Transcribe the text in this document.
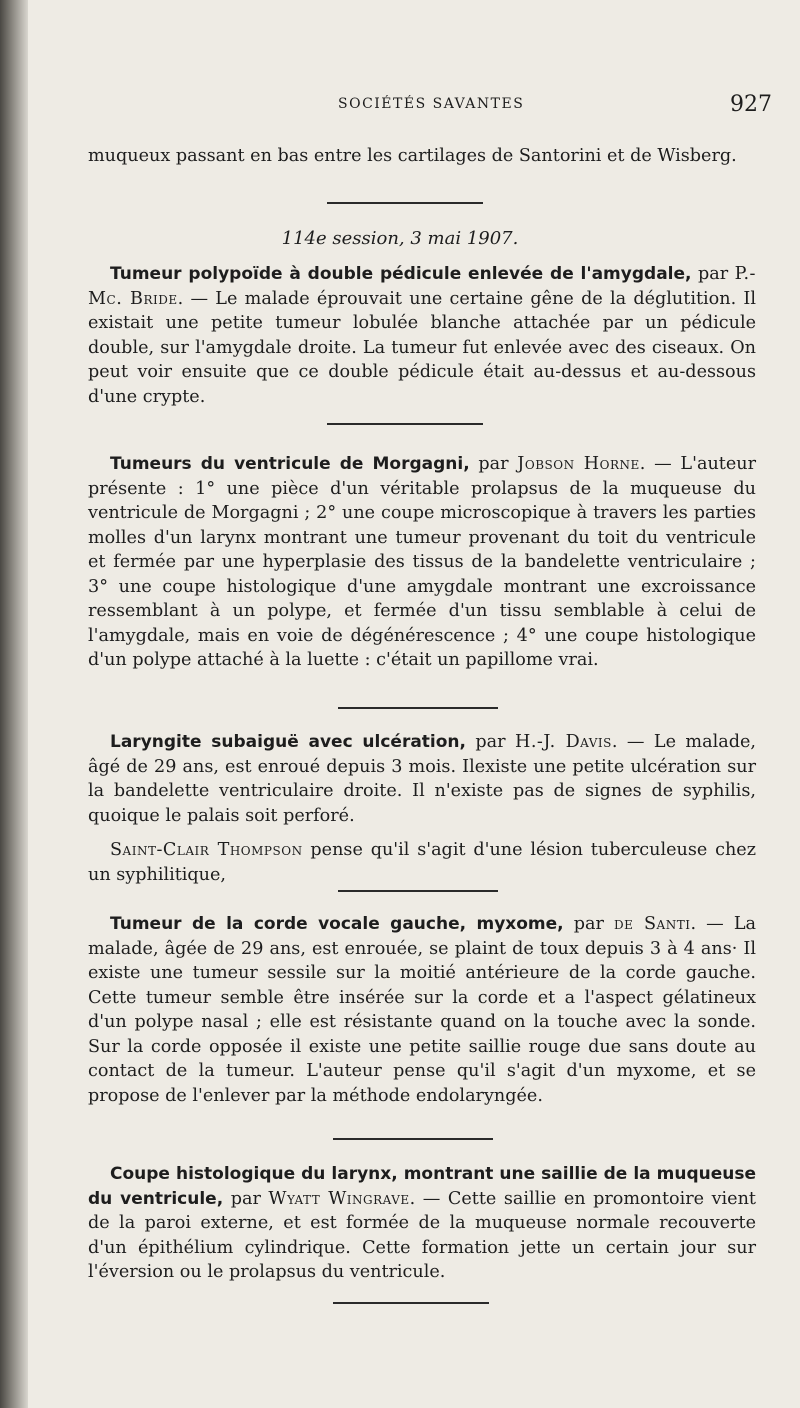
SOCIÉTÉS SAVANTES	927

muqueux passant en bas entre les cartilages de Santorini et de Wisberg.

114e session, 3 mai 1907.

Tumeur polypoïde à double pédicule enlevée de l'amygdale, par P.-Mc. Bride. — Le malade éprouvait une certaine gêne de la déglutition. Il existait une petite tumeur lobulée blanche attachée par un pédicule double, sur l'amygdale droite. La tumeur fut enlevée avec des ciseaux. On peut voir ensuite que ce double pédicule était au-dessus et au-dessous d'une crypte.

Tumeurs du ventricule de Morgagni, par Jobson Horne. — L'auteur présente : 1° une pièce d'un véritable prolapsus de la muqueuse du ventricule de Morgagni ; 2° une coupe microscopique à travers les parties molles d'un larynx montrant une tumeur provenant du toit du ventricule et fermée par une hyperplasie des tissus de la bandelette ventriculaire ; 3° une coupe histologique d'une amygdale montrant une excroissance ressemblant à un polype, et fermée d'un tissu semblable à celui de l'amygdale, mais en voie de dégénérescence ; 4° une coupe histologique d'un polype attaché à la luette : c'était un papillome vrai.

Laryngite subaiguë avec ulcération, par H.-J. Davis. — Le malade, âgé de 29 ans, est enroué depuis 3 mois. Ilexiste une petite ulcération sur la bandelette ventriculaire droite. Il n'existe pas de signes de syphilis, quoique le palais soit perforé.

Saint-Clair Thompson pense qu'il s'agit d'une lésion tuberculeuse chez un syphilitique,

Tumeur de la corde vocale gauche, myxome, par de Santi. — La malade, âgée de 29 ans, est enrouée, se plaint de toux depuis 3 à 4 ans· Il existe une tumeur sessile sur la moitié antérieure de la corde gauche. Cette tumeur semble être insérée sur la corde et a l'aspect gélatineux d'un polype nasal ; elle est résistante quand on la touche avec la sonde. Sur la corde opposée il existe une petite saillie rouge due sans doute au contact de la tumeur. L'auteur pense qu'il s'agit d'un myxome, et se propose de l'enlever par la méthode endolaryngée.

Coupe histologique du larynx, montrant une saillie de la muqueuse du ventricule, par Wyatt Wingrave. — Cette saillie en promontoire vient de la paroi externe, et est formée de la muqueuse normale recouverte d'un épithélium cylindrique. Cette formation jette un certain jour sur l'éversion ou le prolapsus du ventricule.
